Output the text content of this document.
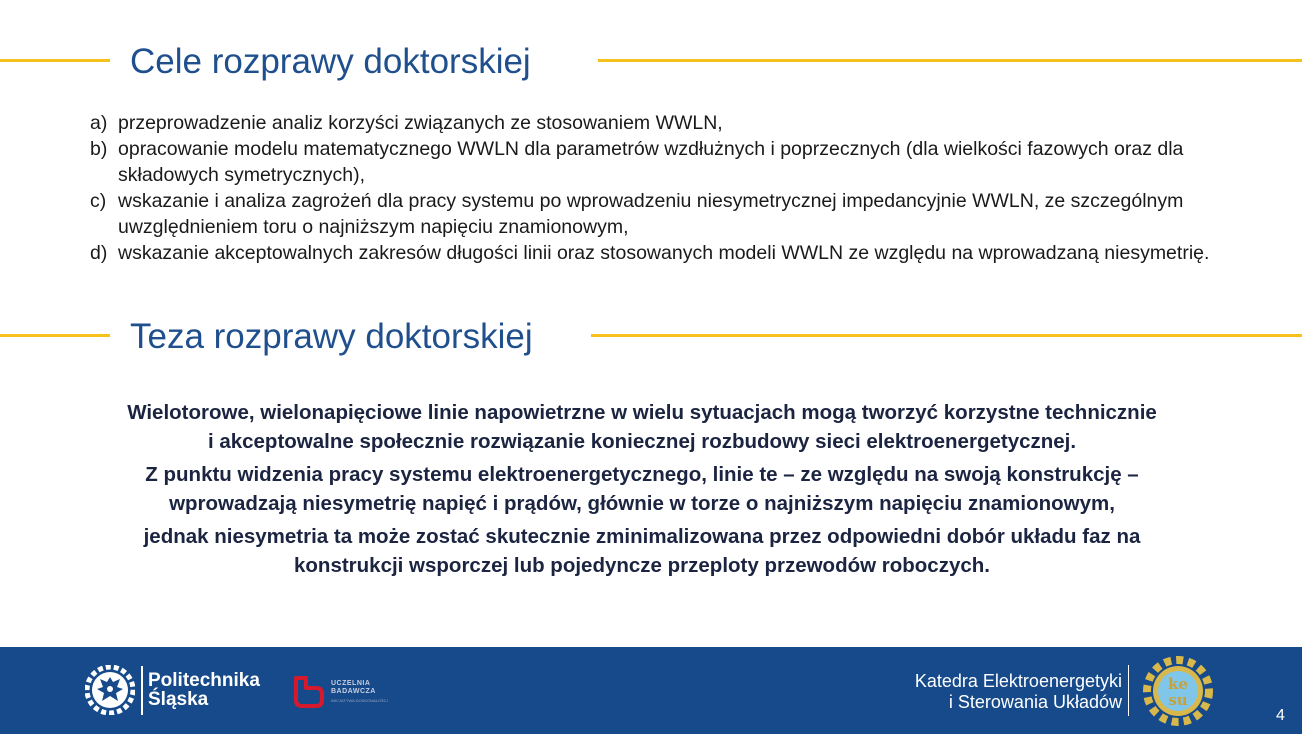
Cele rozprawy doktorskiej
a) przeprowadzenie analiz korzyści związanych ze stosowaniem WWLN,
b) opracowanie modelu matematycznego WWLN dla parametrów wzdłużnych i poprzecznych (dla wielkości fazowych oraz dla składowych symetrycznych),
c) wskazanie i analiza zagrożeń dla pracy systemu po wprowadzeniu niesymetrycznej impedancyjnie WWLN, ze szczególnym uwzględnieniem toru o najniższym napięciu znamionowym,
d) wskazanie akceptowalnych zakresów długości linii oraz stosowanych modeli WWLN ze względu na wprowadzaną niesymetrię.
Teza rozprawy doktorskiej

Wielotorowe, wielonapięciowe linie napowietrzne w wielu sytuacjach mogą tworzyć korzystne technicznie
i akceptowalne społecznie rozwiązanie koniecznej rozbudowy sieci elektroenergetycznej.

Z punktu widzenia pracy systemu elektroenergetycznego, linie te – ze względu na swoją konstrukcję –
wprowadzają niesymetrię napięć i prądów, głównie w torze o najniższym napięciu znamionowym,

jednak niesymetria ta może zostać skutecznie zminimalizowana przez odpowiedni dobór układu faz na
konstrukcji wsporczej lub pojedyncze przeploty przewodów roboczych.

Politechnika
Śląska
UCZELNIA
BADAWCZA
INICJATYWA DOSKONAŁOŚCI
Katedra Elektroenergetyki
i Sterowania Układów
ke
su
4
